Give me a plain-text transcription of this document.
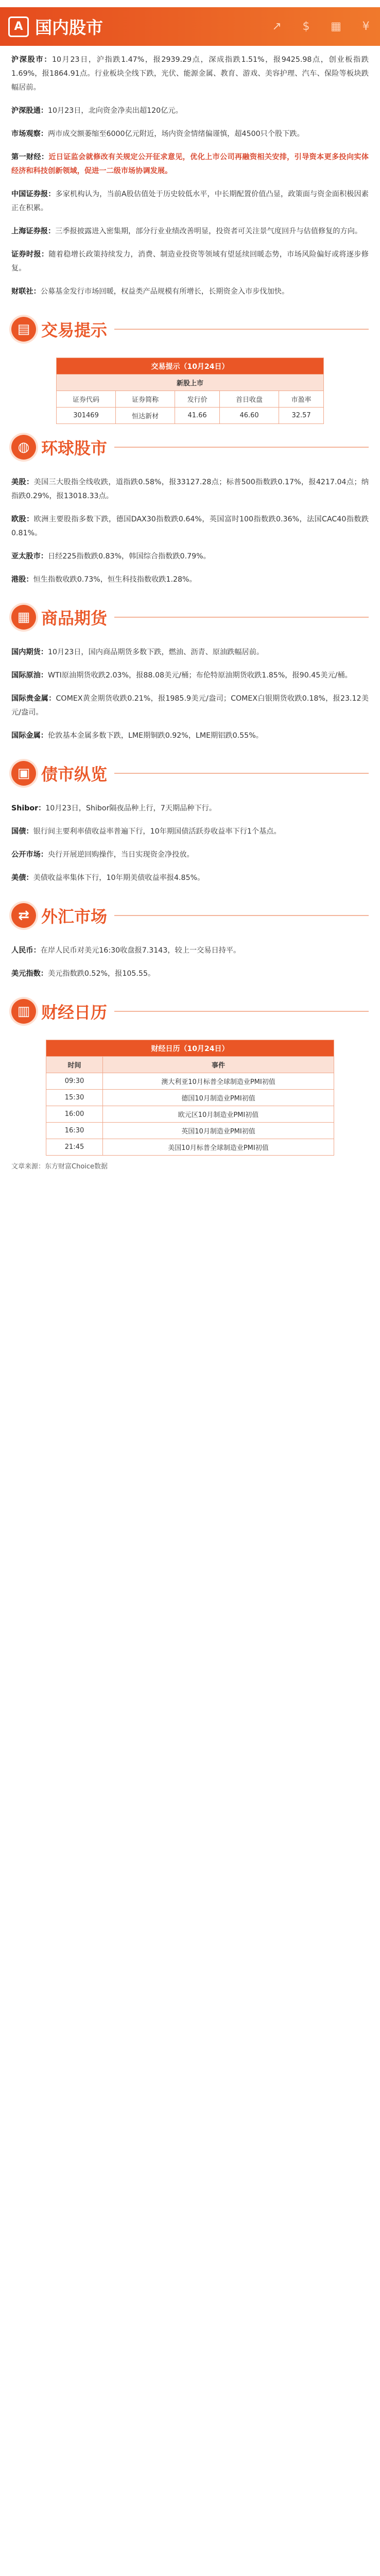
A 国内股市	↗ $ ▦ ¥

沪深股市：10月23日，沪指跌1.47%，报2939.29点，深成指跌1.51%，报9425.98点，创业板指跌1.69%，报1864.91点。行业板块全线下跌，光伏、能源金属、教育、游戏、美容护理、汽车、保险等板块跌幅居前。

沪深股通：10月23日，北向资金净卖出超120亿元。

市场观察：两市成交额萎缩至6000亿元附近，场内资金情绪偏谨慎，超4500只个股下跌。

第一财经：近日证监会就修改有关规定公开征求意见，优化上市公司再融资相关安排，引导资本更多投向实体经济和科技创新领域，促进一二级市场协调发展。

中国证券报：多家机构认为，当前A股估值处于历史较低水平，中长期配置价值凸显，政策面与资金面积极因素正在积累。

上海证券报：三季报披露进入密集期，部分行业业绩改善明显，投资者可关注景气度回升与估值修复的方向。

证券时报：随着稳增长政策持续发力，消费、制造业投资等领域有望延续回暖态势，市场风险偏好或将逐步修复。

财联社：公募基金发行市场回暖，权益类产品规模有所增长，长期资金入市步伐加快。

▤ 交易提示
交易提示（10月24日）				
新股上市				
证券代码	证券简称	发行价	首日收盘	市盈率
301469	恒达新材	41.66	46.60	32.57
◍ 环球股市

美股：美国三大股指全线收跌，道指跌0.58%，报33127.28点；标普500指数跌0.17%，报4217.04点；纳指跌0.29%，报13018.33点。

欧股：欧洲主要股指多数下跌，德国DAX30指数跌0.64%，英国富时100指数跌0.36%，法国CAC40指数跌0.81%。

亚太股市：日经225指数跌0.83%，韩国综合指数跌0.79%。

港股：恒生指数收跌0.73%，恒生科技指数收跌1.28%。

▦ 商品期货

国内期货：10月23日，国内商品期货多数下跌，燃油、沥青、原油跌幅居前。

国际原油：WTI原油期货收跌2.03%，报88.08美元/桶；布伦特原油期货收跌1.85%，报90.45美元/桶。

国际贵金属：COMEX黄金期货收跌0.21%，报1985.9美元/盎司；COMEX白银期货收跌0.18%，报23.12美元/盎司。

国际金属：伦敦基本金属多数下跌，LME期铜跌0.92%，LME期铝跌0.55%。

▣ 债市纵览

Shibor：10月23日，Shibor隔夜品种上行，7天期品种下行。

国债：银行间主要利率债收益率普遍下行，10年期国债活跃券收益率下行1个基点。

公开市场：央行开展逆回购操作，当日实现资金净投放。

美债：美债收益率集体下行，10年期美债收益率报4.85%。

⇄ 外汇市场

人民币：在岸人民币对美元16:30收盘报7.3143，较上一交易日持平。

美元指数：美元指数跌0.52%，报105.55。

▥ 财经日历
财经日历（10月24日）	
时间	事件
09:30	澳大利亚10月标普全球制造业PMI初值
15:30	德国10月制造业PMI初值
16:00	欧元区10月制造业PMI初值
16:30	英国10月制造业PMI初值
21:45	美国10月标普全球制造业PMI初值
文章来源：东方财富Choice数据
